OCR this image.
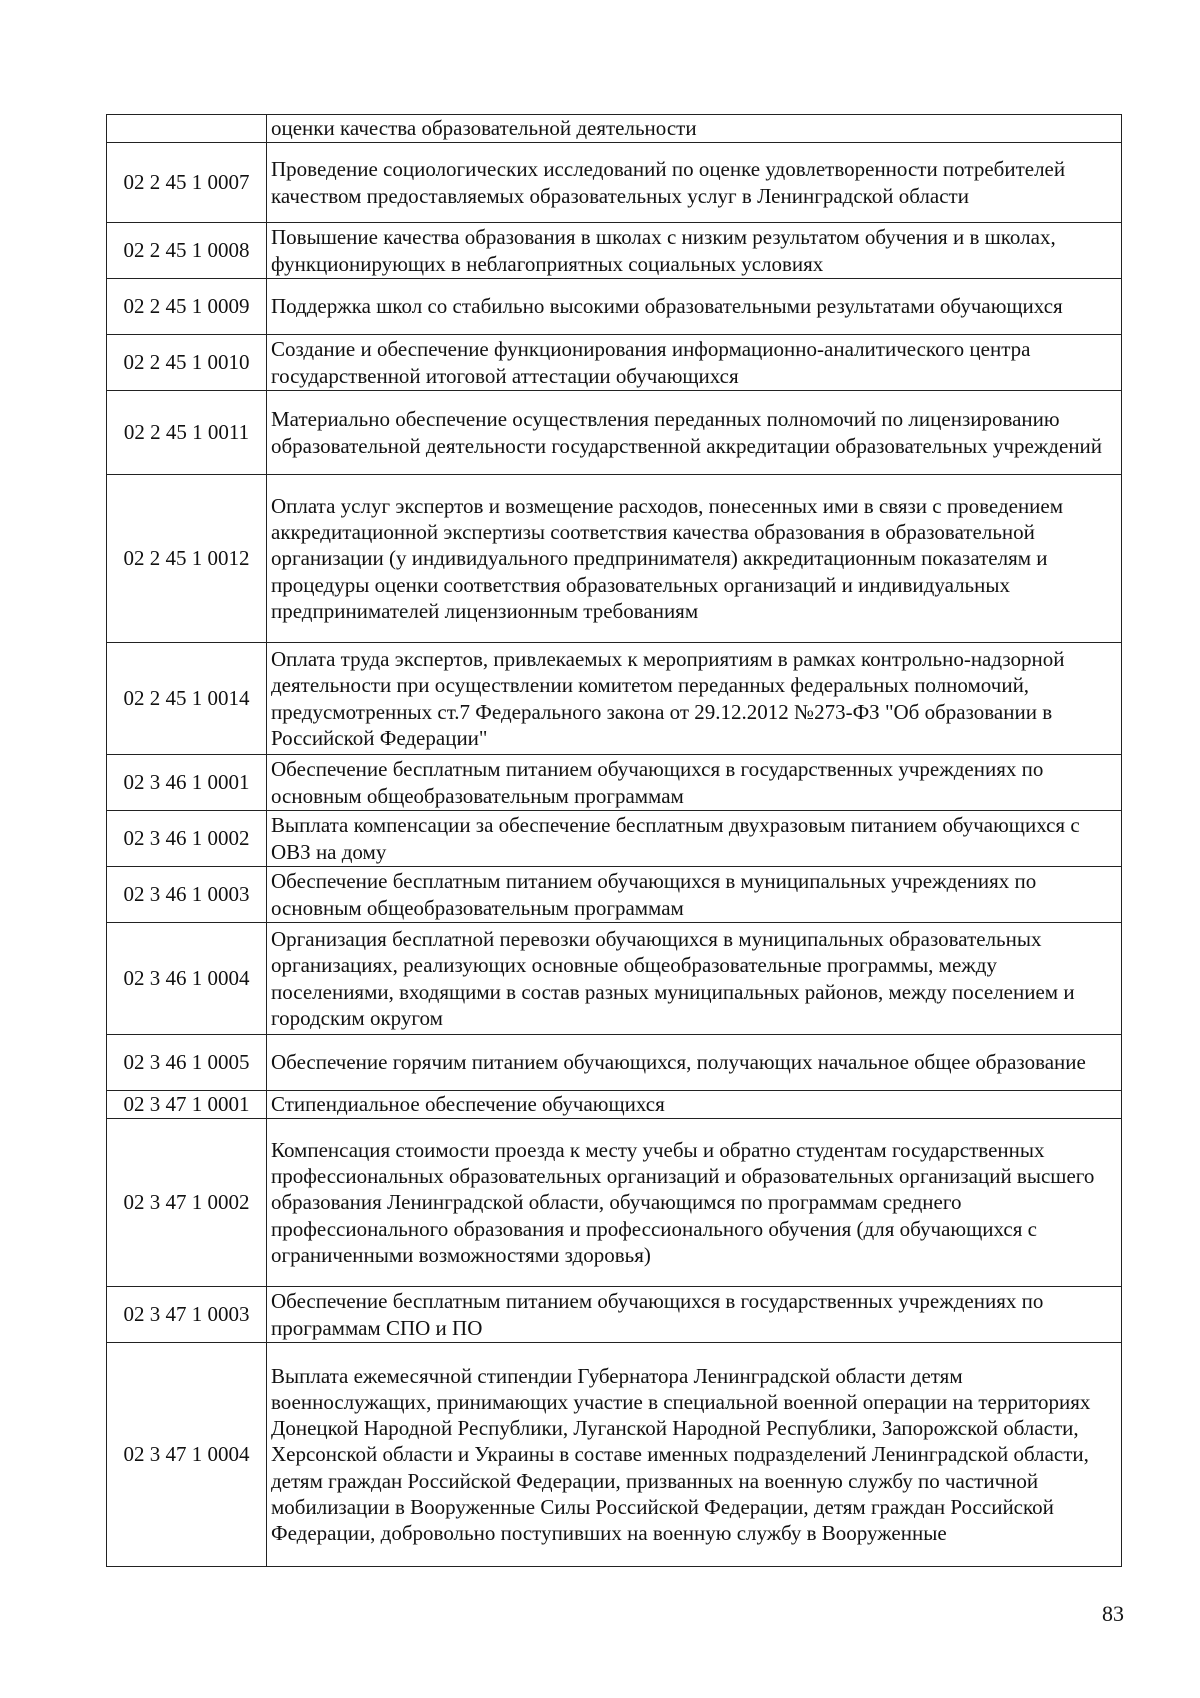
	оценки качества образовательной деятельности
02 2 45 1 0007	Проведение социологических исследований по оценке удовлетворенности потребителей качеством предоставляемых образовательных услуг в Ленинградской области
02 2 45 1 0008	Повышение качества образования в школах с низким результатом обучения и в школах, функционирующих в неблагоприятных социальных условиях
02 2 45 1 0009	Поддержка школ со стабильно высокими образовательными результатами обучающихся
02 2 45 1 0010	Создание и обеспечение функционирования информационно-аналитического центра государственной итоговой аттестации обучающихся
02 2 45 1 0011	Материально обеспечение осуществления переданных полномочий по лицензированию образовательной деятельности государственной аккредитации образовательных учреждений
02 2 45 1 0012	Оплата услуг экспертов и возмещение расходов, понесенных ими в связи с проведением аккредитационной экспертизы соответствия качества образования в образовательной организации (у индивидуального предпринимателя) аккредитационным показателям и процедуры оценки соответствия образовательных организаций и индивидуальных предпринимателей лицензионным требованиям
02 2 45 1 0014	Оплата труда экспертов, привлекаемых к мероприятиям в рамках контрольно-надзорной деятельности при осуществлении комитетом переданных федеральных полномочий, предусмотренных ст.7 Федерального закона от 29.12.2012 №273-ФЗ "Об образовании в Российской Федерации"
02 3 46 1 0001	Обеспечение бесплатным питанием обучающихся в государственных учреждениях по основным общеобразовательным программам
02 3 46 1 0002	Выплата компенсации за обеспечение бесплатным двухразовым питанием обучающихся с ОВЗ на дому
02 3 46 1 0003	Обеспечение бесплатным питанием обучающихся в муниципальных учреждениях по основным общеобразовательным программам
02 3 46 1 0004	Организация бесплатной перевозки обучающихся в муниципальных образовательных организациях, реализующих основные общеобразовательные программы, между поселениями, входящими в состав разных муниципальных районов, между поселением и городским округом
02 3 46 1 0005	Обеспечение горячим питанием обучающихся, получающих начальное общее образование
02 3 47 1 0001	Стипендиальное обеспечение обучающихся
02 3 47 1 0002	Компенсация стоимости проезда к месту учебы и обратно студентам государственных профессиональных образовательных организаций и образовательных организаций высшего образования Ленинградской области, обучающимся по программам среднего профессионального образования и профессионального обучения (для обучающихся с ограниченными возможностями здоровья)
02 3 47 1 0003	Обеспечение бесплатным питанием обучающихся в государственных учреждениях по программам СПО и ПО
02 3 47 1 0004	Выплата ежемесячной стипендии Губернатора Ленинградской области детям военнослужащих, принимающих участие в специальной военной операции на территориях Донецкой Народной Республики, Луганской Народной Республики, Запорожской области, Херсонской области и Украины в составе именных подразделений Ленинградской области, детям граждан Российской Федерации, призванных на военную службу по частичной мобилизации в Вооруженные Силы Российской Федерации, детям граждан Российской Федерации, добровольно поступивших на военную службу в Вооруженные
83
